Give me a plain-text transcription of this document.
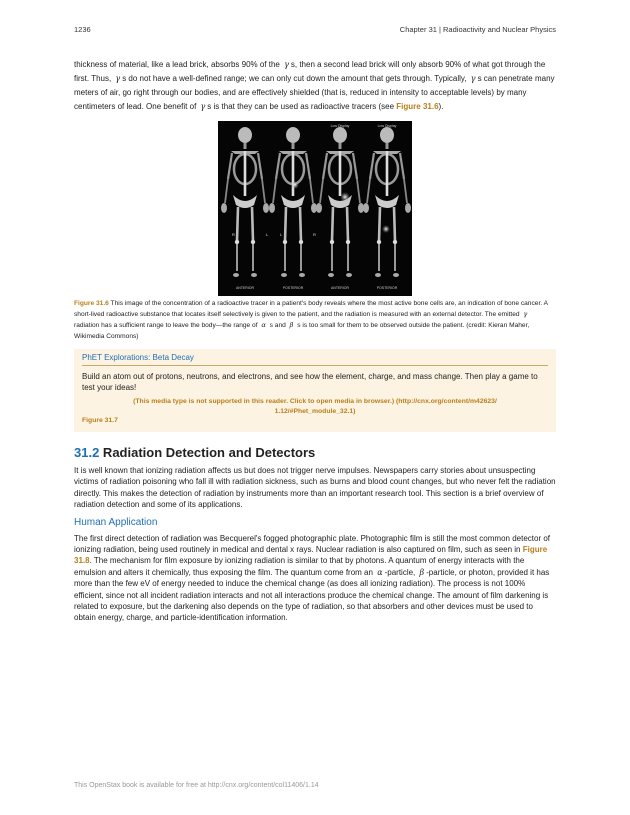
1236	Chapter 31 | Radioactivity and Nuclear Physics

thickness of material, like a lead brick, absorbs 90% of the γ s, then a second lead brick will only absorb 90% of what got through the first. Thus, γ s do not have a well-defined range; we can only cut down the amount that gets through. Typically, γ s can penetrate many meters of air, go right through our bodies, and are effectively shielded (that is, reduced in intensity to acceptable levels) by many centimeters of lead. One benefit of γ s is that they can be used as radioactive tracers (see Figure 31.6).

ANTERIOR	POSTERIOR	ANTERIOR	POSTERIOR
Low Display	Low Display
R	L	L	R

Figure 31.6 This image of the concentration of a radioactive tracer in a patient's body reveals where the most active bone cells are, an indication of bone cancer. A short-lived radioactive substance that locates itself selectively is given to the patient, and the radiation is measured with an external detector. The emitted γ radiation has a sufficient range to leave the body—the range of α s and β s is too small for them to be observed outside the patient. (credit: Kieran Maher, Wikimedia Commons)

PhET Explorations: Beta Decay
Build an atom out of protons, neutrons, and electrons, and see how the element, charge, and mass change. Then play a game to test your ideas!
(This media type is not supported in this reader. Click to open media in browser.) (http://cnx.org/content/m42623/
1.12/#Phet_module_32.1)
Figure 31.7
31.2 Radiation Detection and Detectors

It is well known that ionizing radiation affects us but does not trigger nerve impulses. Newspapers carry stories about unsuspecting victims of radiation poisoning who fall ill with radiation sickness, such as burns and blood count changes, but who never felt the radiation directly. This makes the detection of radiation by instruments more than an important research tool. This section is a brief overview of radiation detection and some of its applications.

Human Application

The first direct detection of radiation was Becquerel's fogged photographic plate. Photographic film is still the most common detector of ionizing radiation, being used routinely in medical and dental x rays. Nuclear radiation is also captured on film, such as seen in Figure 31.8. The mechanism for film exposure by ionizing radiation is similar to that by photons. A quantum of energy interacts with the emulsion and alters it chemically, thus exposing the film. The quantum come from an α -particle, β -particle, or photon, provided it has more than the few eV of energy needed to induce the chemical change (as does all ionizing radiation). The process is not 100% efficient, since not all incident radiation interacts and not all interactions produce the chemical change. The amount of film darkening is related to exposure, but the darkening also depends on the type of radiation, so that absorbers and other devices must be used to obtain energy, charge, and particle-identification information.

This OpenStax book is available for free at http://cnx.org/content/col11406/1.14
